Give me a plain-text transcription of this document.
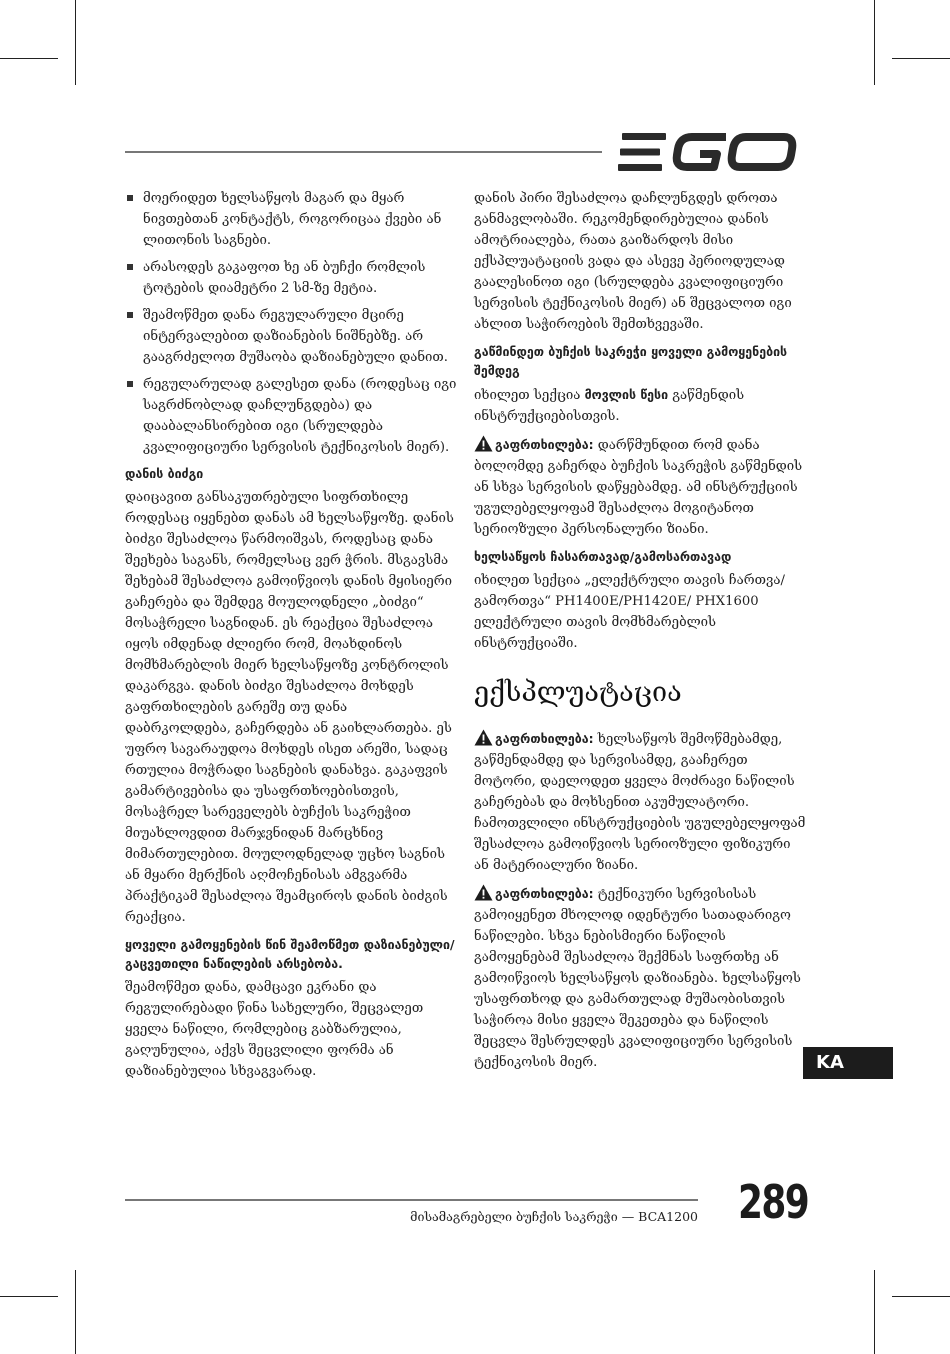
მოერიდეთ ხელსაწყოს მაგარ და მყარ ნივთებთან კონტაქტს, როგორიცაა ქვები ან ლითონის საგნები.
არასოდეს გაკაფოთ ხე ან ბუჩქი რომლის ტოტების დიამეტრი 2 სმ-ზე მეტია.
შეამოწმეთ დანა რეგულარული მცირე ინტერვალებით დაზიანების ნიშნებზე. არ გააგრძელოთ მუშაობა დაზიანებული დანით.
რეგულარულად გალესეთ დანა (როდესაც იგი საგრძნობლად დაჩლუნგდება) და დააბალანსირებით იგი (სრულდება კვალიფიციური სერვისის ტექნიკოსის მიერ).
დანის ბიძგი

დაიცავით განსაკუთრებული სიფრთხილე როდესაც იყენებთ დანას ამ ხელსაწყოზე. დანის ბიძგი შესაძლოა წარმოიშვას, როდესაც დანა შეეხება საგანს, რომელსაც ვერ ჭრის. მსგავსმა შეხებამ შესაძლოა გამოიწვიოს დანის მყისიერი გაჩერება და შემდეგ მოულოდნელი „ბიძგი“ მოსაჭრელი საგნიდან. ეს რეაქცია შესაძლოა იყოს იმდენად ძლიერი რომ, მოახდინოს მომხმარებლის მიერ ხელსაწყოზე კონტროლის დაკარგვა. დანის ბიძგი შესაძლოა მოხდეს გაფრთხილების გარეშე თუ დანა დაბრკოლდება, გაჩერდება ან გაიხლართება. ეს უფრო სავარაუდოა მოხდეს ისეთ არეში, სადაც რთულია მოჭრადი საგნების დანახვა. გაკაფვის გამარტივებისა და უსაფრთხოებისთვის, მოსაჭრელ სარეველებს ბუჩქის საკრეჭით მიუახლოვდით მარჯვნიდან მარცხნივ მიმართულებით. მოულოდნელად უცხო საგნის ან მყარი მერქნის აღმოჩენისას ამგვარმა პრაქტიკამ შესაძლოა შეამციროს დანის ბიძგის რეაქცია.

ყოველი გამოყენების წინ შეამოწმეთ დაზიანებული/გაცვეთილი ნაწილების არსებობა.

შეამოწმეთ დანა, დამცავი ეკრანი და რეგულირებადი წინა სახელური, შეცვალეთ ყველა ნაწილი, რომლებიც გაბზარულია, გაღუნულია, აქვს შეცვლილი ფორმა ან დაზიანებულია სხვაგვარად.

დანის პირი შესაძლოა დაჩლუნგდეს დროთა განმავლობაში. რეკომენდირებულია დანის ამოტრიალება, რათა გაიზარდოს მისი ექსპლუატაციის ვადა და ასევე პერიოდულად გაალესინოთ იგი (სრულდება კვალიფიციური სერვისის ტექნიკოსის მიერ) ან შეცვალოთ იგი ახლით საჭიროების შემთხვევაში.

გაწმინდეთ ბუჩქის საკრეჭი ყოველი გამოყენების შემდეგ

იხილეთ სექცია მოვლის წესი გაწმენდის ინსტრუქციებისთვის.

გაფრთხილება: დარწმუნდით რომ დანა ბოლომდე გაჩერდა ბუჩქის საკრეჭის გაწმენდის ან სხვა სერვისის დაწყებამდე. ამ ინსტრუქციის უგულებელყოფამ შესაძლოა მოგიტანოთ სერიოზული პერსონალური ზიანი.

ხელსაწყოს ჩასართავად/გამოსართავად

იხილეთ სექცია „ელექტრული თავის ჩართვა/გამორთვა“ PH1400E/PH1420E/ PHX1600 ელექტრული თავის მომხმარებლის ინსტრუქციაში.

ექსპლუატაცია

გაფრთხილება: ხელსაწყოს შემოწმებამდე, გაწმენდამდე და სერვისამდე, გააჩერეთ მოტორი, დაელოდეთ ყველა მოძრავი ნაწილის გაჩერებას და მოხსენით აკუმულატორი. ჩამოთვლილი ინსტრუქციების უგულებელყოფამ შესაძლოა გამოიწვიოს სერიოზული ფიზიკური ან მატერიალური ზიანი.

გაფრთხილება: ტექნიკური სერვისისას გამოიყენეთ მხოლოდ იდენტური სათადარიგო ნაწილები. სხვა ნებისმიერი ნაწილის გამოყენებამ შესაძლოა შექმნას საფრთხე ან გამოიწვიოს ხელსაწყოს დაზიანება. ხელსაწყოს უსაფრთხოდ და გამართულად მუშაობისთვის საჭიროა მისი ყველა შეკეთება და ნაწილის შეცვლა შესრულდეს კვალიფიციური სერვისის ტექნიკოსის მიერ.	KA
289
მისამაგრებელი ბუჩქის საკრეჭი — BCA1200
